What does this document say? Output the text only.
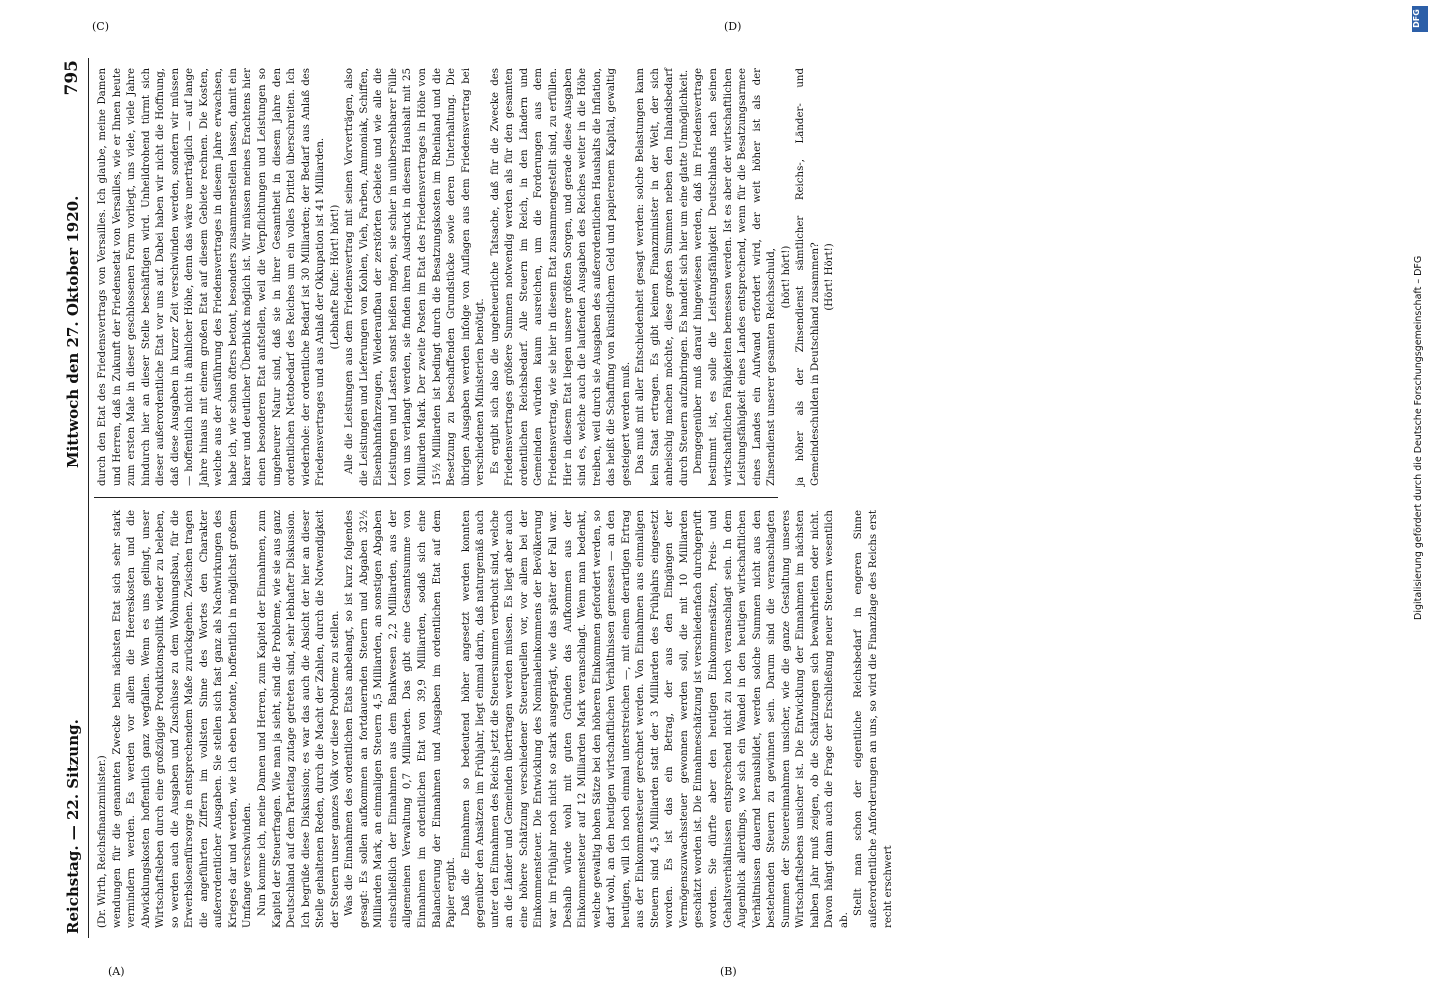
Reichstag. — 22. Sitzung.
Mittwoch den 27. Oktober 1920.
795

(Dr. Wirth, Reichsfinanzminister.) wendungen für die genannten Zwecke beim nächsten Etat sich sehr stark vermindern werden. Es werden vor allem die Heereskosten und die Abwicklungskosten hoffentlich ganz wegfallen. Wenn es uns gelingt, unser Wirtschaftsleben durch eine großzügige Produktionspolitik wieder zu beleben, so werden auch die Ausgaben und Zuschüsse zu dem Wohnungsbau, für die Erwerbslosenfürsorge in entsprechendem Maße zurückgehen. Zwischen tragen die angeführten Ziffern im vollsten Sinne des Wortes den Charakter außerordentlicher Ausgaben. Sie stellen sich fast ganz als Nachwirkungen des Krieges dar und werden, wie ich eben betonte, hoffentlich in möglichst großem Umfange verschwinden. Nun komme ich, meine Damen und Herren, zum Kapitel der Einnahmen, zum Kapitel der Steuerfragen. Wie man ja sieht, sind die Probleme, wie sie aus ganz Deutschland auf dem Parteitag zutage getreten sind, sehr lebhafter Diskussion. Ich begrüße diese Diskussion; es war das auch die Absicht der hier an dieser Stelle gehaltenen Reden, durch die Macht der Zahlen, durch die Notwendigkeit der Steuern unser ganzes Volk vor diese Probleme zu stellen. Was die Einnahmen des ordentlichen Etats anbelangt, so ist kurz folgendes gesagt: Es sollen aufkommen an fortdauernden Steuern und Abgaben 32½ Milliarden Mark, an einmaligen Steuern 4,5 Milliarden, an sonstigen Abgaben einschließlich der Einnahmen aus dem Bankwesen 2,2 Milliarden, aus der allgemeinen Verwaltung 0,7 Milliarden. Das gibt eine Gesamtsumme von Einnahmen im ordentlichen Etat von 39,9 Milliarden, sodaß sich eine Balancierung der Einnahmen und Ausgaben im ordentlichen Etat auf dem Papier ergibt. Daß die Einnahmen so bedeutend höher angesetzt werden konnten gegenüber den Ansätzen im Frühjahr, liegt einmal darin, daß naturgemäß auch unter den Einnahmen des Reichs jetzt die Steuersummen verbucht sind, welche an die Länder und Gemeinden übertragen werden müssen. Es liegt aber auch eine höhere Schätzung verschiedener Steuerquellen vor, vor allem bei der Einkommensteuer. Die Entwicklung des Nominaleinkommens der Bevölkerung war im Frühjahr noch nicht so stark ausgeprägt, wie das später der Fall war. Deshalb würde wohl mit guten Gründen das Aufkommen aus der Einkommensteuer auf 12 Milliarden Mark veranschlagt. Wenn man bedenkt, welche gewaltig hohen Sätze bei den höheren Einkommen gefordert werden, so darf wohl, an den heutigen wirtschaftlichen Verhältnissen gemessen — an den heutigen, will ich noch einmal unterstreichen —, mit einem derartigen Ertrag aus der Einkommensteuer gerechnet werden. Von Einnahmen aus einmaligen Steuern sind 4,5 Milliarden statt der 3 Milliarden des Frühjahrs eingesetzt worden. Es ist das ein Betrag, der aus den Eingängen der Vermögenszuwachssteuer gewonnen werden soll, die mit 10 Milliarden geschätzt worden ist. Die Einnahmeschätzung ist verschiedenfach durchgeprüft worden. Sie dürfte aber den heutigen Einkommensätzen, Preis- und Gehaltsverhältnissen entsprechend nicht zu hoch veranschlagt sein. In dem Augenblick allerdings, wo sich ein Wandel in den heutigen wirtschaftlichen Verhältnissen dauernd herausbildet, werden solche Summen nicht aus den bestehenden Steuern zu gewinnen sein. Darum sind die veranschlagten Summen der Steuereinnahmen unsicher, wie die ganze Gestaltung unseres Wirtschaftslebens unsicher ist. Die Entwicklung der Einnahmen im nächsten halben Jahr muß zeigen, ob die Schätzungen sich bewahrheiten oder nicht. Davon hängt dann auch die Frage der Erschließung neuer Steuern wesentlich ab.

Stellt man schon der eigentliche Reichsbedarf in engeren Sinne außerordentliche Anforderungen an uns, so wird die Finanzlage des Reichs erst recht erschwert

durch den Etat des Friedensvertrags von Versailles. Ich glaube, meine Damen und Herren, daß in Zukunft der Friedensetat von Versailles, wie er Ihnen heute zum ersten Male in dieser geschlossenen Form vorliegt, uns viele, viele Jahre hindurch hier an dieser Stelle beschäftigen wird. Unheildrohend türmt sich dieser außerordentliche Etat vor uns auf. Dabei haben wir nicht die Hoffnung, daß diese Ausgaben in kurzer Zeit verschwinden werden, sondern wir müssen — hoffentlich nicht in ähnlicher Höhe, denn das wäre unerträglich — auf lange Jahre hinaus mit einem großen Etat auf diesem Gebiete rechnen. Die Kosten, welche aus der Ausführung des Friedensvertrages in diesem Jahre erwachsen, habe ich, wie schon öfters betont, besonders zusammenstellen lassen, damit ein klarer und deutlicher Überblick möglich ist. Wir müssen meines Erachtens hier einen besonderen Etat aufstellen, weil die Verpflichtungen und Leistungen so ungeheurer Natur sind, daß sie in ihrer Gesamtheit in diesem Jahre den ordentlichen Nettobedarf des Reiches um ein volles Drittel überschreiten. Ich wiederhole: der ordentliche Bedarf ist 30 Milliarden; der Bedarf aus Anlaß des Friedensvertrages und aus Anlaß der Okkupation ist 41 Milliarden. (Lebhafte Rufe: Hört! hört!) Alle die Leistungen aus dem Friedensvertrag mit seinen Vorverträgen, also die Leistungen und Lieferungen von Kohlen, Vieh, Farben, Ammoniak, Schiffen, Eisenbahnfahrzeugen, Wiederaufbau der zerstörten Gebiete und wie alle die Leistungen und Lasten sonst heißen mögen, sie schier in unübersehbarer Fülle von uns verlangt werden, sie finden ihren Ausdruck in diesem Haushalt mit 25 Milliarden Mark. Der zweite Posten im Etat des Friedensvertrages in Höhe von 15½ Milliarden ist bedingt durch die Besatzungskosten im Rheinland und die Besetzung zu beschaffenden Grundstücke sowie deren Unterhaltung. Die übrigen Ausgaben werden infolge von Auflagen aus dem Friedensvertrag bei verschiedenen Ministerien benötigt. Es ergibt sich also die ungeheuerliche Tatsache, daß für die Zwecke des Friedensvertrages größere Summen notwendig werden als für den gesamten ordentlichen Reichsbedarf. Alle Steuern im Reich, in den Ländern und Gemeinden würden kaum ausreichen, um die Forderungen aus dem Friedensvertrag, wie sie hier in diesem Etat zusammengestellt sind, zu erfüllen. Hier in diesem Etat liegen unsere größten Sorgen, und gerade diese Ausgaben sind es, welche auch die laufenden Ausgaben des Reiches weiter in die Höhe treiben, weil durch sie Ausgaben des außerordentlichen Haushalts die Inflation, das heißt die Schaffung von künstlichem Geld und papierenem Kapital, gewaltig gesteigert werden muß. Das muß mit aller Entschiedenheit gesagt werden: solche Belastungen kann kein Staat ertragen. Es gibt keinen Finanzminister in der Welt, der sich anheischig machen möchte, diese großen Summen neben den Inlandsbedarf durch Steuern aufzubringen. Es handelt sich hier um eine glatte Unmöglichkeit. Demgegenüber muß darauf hingewiesen werden, daß im Friedensvertrage bestimmt ist, es solle die Leistungsfähigkeit Deutschlands nach seinen wirtschaftlichen Fähigkeiten bemessen werden. Ist es aber der wirtschaftlichen Leistungsfähigkeit eines Landes entsprechend, wenn für die Besatzungsarmee eines Landes ein Aufwand erfordert wird, der weit höher ist als der Zinsendienst unserer gesamten Reichsschuld, (hört! hört!) ja höher als der Zinsendienst sämtlicher Reichs-, Länder- und Gemeindeschulden in Deutschland zusammen? (Hört! Hört!)

(A)	(B)
(C)	(D)	DFG
Digitalisierung gefördert durch die Deutsche Forschungsgemeinschaft – DFG
